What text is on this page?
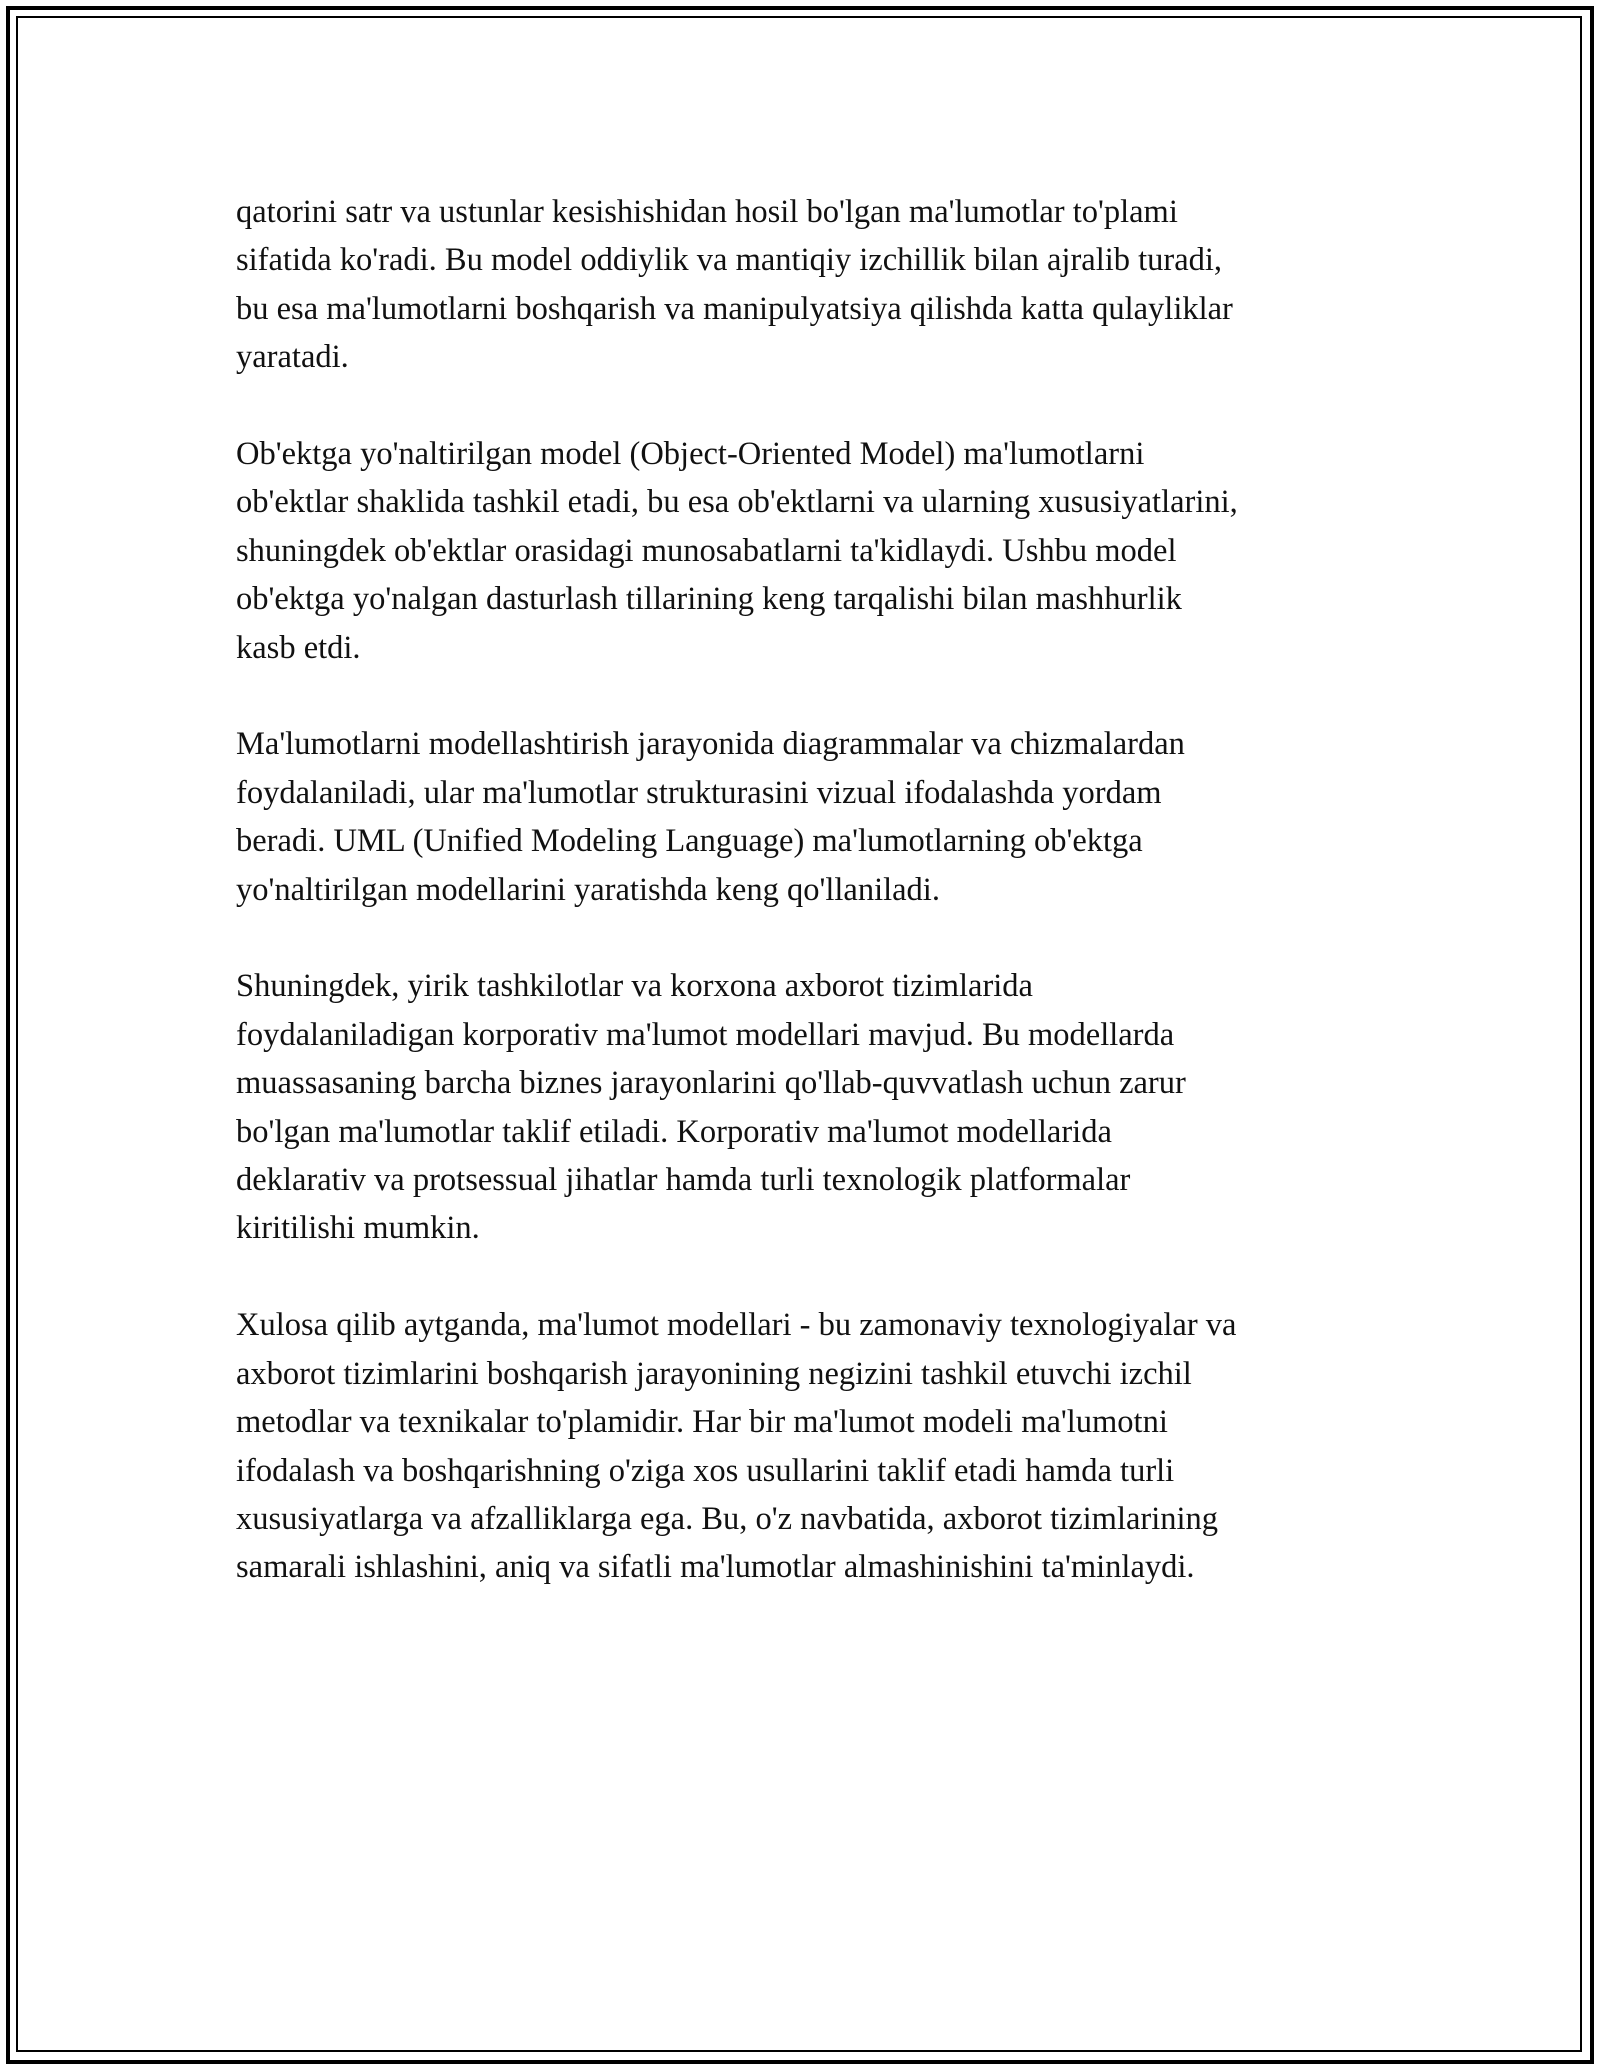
qatorini satr va ustunlar kesishishidan hosil bo'lgan ma'lumotlar to'plami
sifatida ko'radi. Bu model oddiylik va mantiqiy izchillik bilan ajralib turadi,
bu esa ma'lumotlarni boshqarish va manipulyatsiya qilishda katta qulayliklar
yaratadi.

Ob'ektga yo'naltirilgan model (Object-Oriented Model) ma'lumotlarni
ob'ektlar shaklida tashkil etadi, bu esa ob'ektlarni va ularning xususiyatlarini,
shuningdek ob'ektlar orasidagi munosabatlarni ta'kidlaydi. Ushbu model
ob'ektga yo'nalgan dasturlash tillarining keng tarqalishi bilan mashhurlik
kasb etdi.

Ma'lumotlarni modellashtirish jarayonida diagrammalar va chizmalardan
foydalaniladi, ular ma'lumotlar strukturasini vizual ifodalashda yordam
beradi. UML (Unified Modeling Language) ma'lumotlarning ob'ektga
yo'naltirilgan modellarini yaratishda keng qo'llaniladi.

Shuningdek, yirik tashkilotlar va korxona axborot tizimlarida
foydalaniladigan korporativ ma'lumot modellari mavjud. Bu modellarda
muassasaning barcha biznes jarayonlarini qo'llab-quvvatlash uchun zarur
bo'lgan ma'lumotlar taklif etiladi. Korporativ ma'lumot modellarida
deklarativ va protsessual jihatlar hamda turli texnologik platformalar
kiritilishi mumkin.

Xulosa qilib aytganda, ma'lumot modellari - bu zamonaviy texnologiyalar va
axborot tizimlarini boshqarish jarayonining negizini tashkil etuvchi izchil
metodlar va texnikalar to'plamidir. Har bir ma'lumot modeli ma'lumotni
ifodalash va boshqarishning o'ziga xos usullarini taklif etadi hamda turli
xususiyatlarga va afzalliklarga ega. Bu, o'z navbatida, axborot tizimlarining
samarali ishlashini, aniq va sifatli ma'lumotlar almashinishini ta'minlaydi.
